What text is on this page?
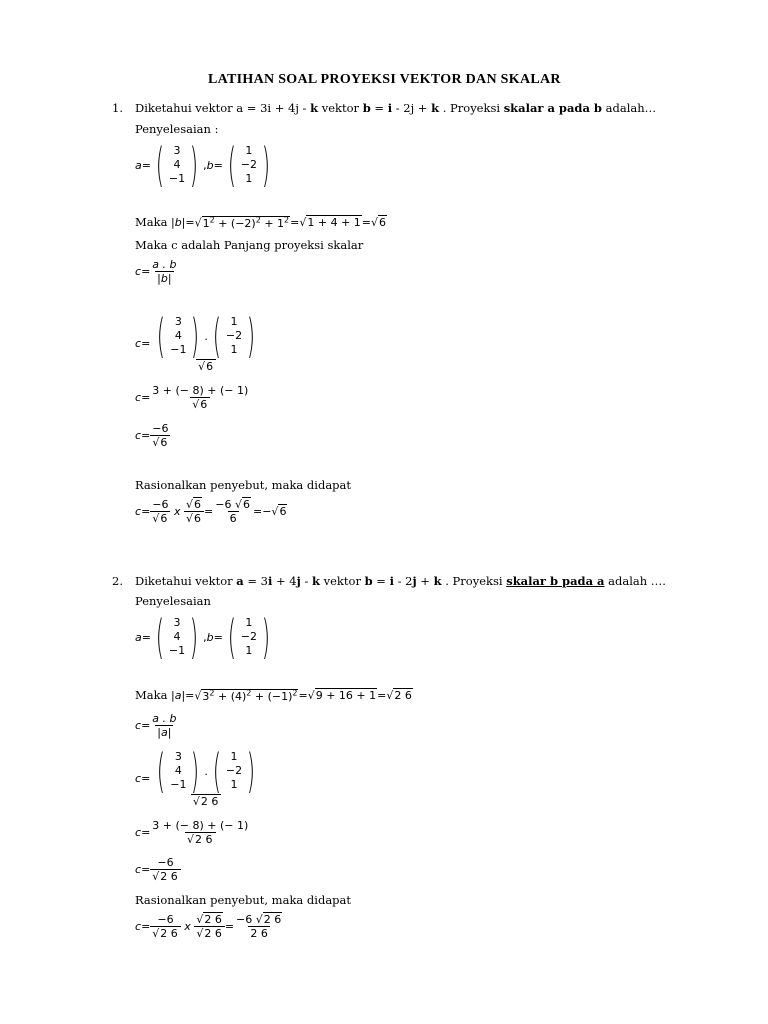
LATIHAN SOAL PROYEKSI VEKTOR DAN SKALAR
1. Diketahui vektor a = 3i + 4j - k vektor b = i - 2j + k . Proyeksi skalar a pada b adalah…
Penyelesaian :
a = ( 3
4
−1 ) , b = ( 1
−2
1 )
Maka
$|b|= √1^2 + (-2)^2 + 1^2 = √1 + 4 + 1 = √6$
Maka c adalah Panjang proyeksi skalar
$c = \frac{a . b}{|b|}$
c = ( 3
4
−1 ) . ( 1
−2
1 )
√6
$c = \frac{3 + (- 8) + (- 1)}{√6}$
$c = \frac{-6}{√6}$
Rasionalkan penyebut, maka didapat
$c = \frac{-6}{√6}$ x $\frac{√6}{√6} = \frac{-6 √6}{6} =- √6$
2. Diketahui vektor a = 3i + 4j - k vektor b = i - 2j + k . Proyeksi skalar b pada a adalah ….
Penyelesaian
a = ( 3
4
−1 ) , b = ( 1
−2
1 )
Maka
$|a|= √3^2 + (4)^2 + (-1)^2 = √9 + 16 + 1 = √2$ 6
$c = \frac{a . b}{|a|}$
c = ( 3
4
−1 ) . ( 1
−2
1 )
√2 6
$c = \frac{3 + (- 8) + (- 1)}{√2 6}$
$c = \frac{-6}{√2 6}$
Rasionalkan penyebut, maka didapat
$c = \frac{-6}{√2 6}$ x $\frac{√2 6}{√2 6} = \frac{-6 √2 6}{2 6}$
